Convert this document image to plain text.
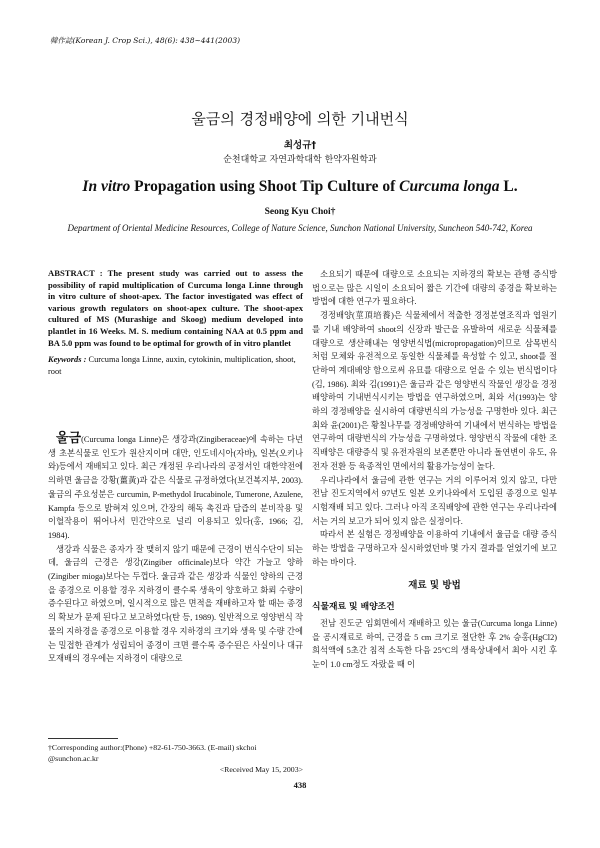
韓作誌(Korean J. Crop Sci.), 48(6): 438~441(2003)
울금의 경정배양에 의한 기내번식
최성규†
순천대학교 자연과학대학 한약자원학과
In vitro Propagation using Shoot Tip Culture of Curcuma longa L.
Seong Kyu Choi†
Department of Oriental Medicine Resources, College of Nature Science, Sunchon National University, Suncheon 540-742, Korea
ABSTRACT : The present study was carried out to assess the possibility of rapid multiplication of Curcuma longa Linne through in vitro culture of shoot-apex. The factor investigated was effect of various growth regulators on shoot-apex culture. The shoot-apex cultured of MS (Murashige and Skoog) medium developed into plantlet in 16 Weeks. M. S. medium containing NAA at 0.5 ppm and BA 5.0 ppm was found to be optimal for growth of in vitro plantlet
Keywords : Curcuma longa Linne, auxin, cytokinin, multiplication, shoot, root

울금(Curcuma longa Linne)은 생강과(Zingiberaceae)에 속하는 다년생 초본식물로 인도가 원산지이며 대만, 인도네시아(자바), 일본(오키나와)등에서 재배되고 있다. 최근 개정된 우리나라의 공정서인 대한약전에 의하면 울금을 강황(薑黃)과 같은 식물로 규정하였다(보건복지부, 2003). 울금의 주요성분은 curcumin, P-methydol Irucabinole, Tumerone, Azulene, Kampfa 등으로 밝혀져 있으며, 간장의 해독 촉진과 담즙의 분비작용 및 이혈작용이 뛰어나서 민간약으로 널리 이용되고 있다(홍, 1966; 김, 1984).

생강과 식물은 종자가 잘 맺히지 않기 때문에 근경이 번식수단이 되는데, 울금의 근경은 생강(Zingiber officinale)보다 약간 가늘고 양하(Zingiber mioga)보다는 두껍다. 울금과 같은 생강과 식물인 양하의 근경을 종경으로 이용할 경우 지하경이 클수록 생육이 양호하고 화뢰 수량이 증수된다고 하였으며, 일시적으로 많은 면적을 재배하고자 할 때는 종경의 확보가 문제 된다고 보고하였다(탄 등, 1989). 일반적으로 영양번식 작물의 지하경을 종경으로 이용할 경우 지하경의 크기와 생육 및 수량 간에는 밀접한 관계가 성립되어 종경이 크면 클수록 증수된은 사실이나 대규모재배의 경우에는 지하경이 대량으로

소요되기 때문에 대량으로 소요되는 지하경의 확보는 관행 증식방법으로는 많은 시일이 소요되어 짧은 기간에 대량의 종경을 확보하는 방법에 대한 연구가 필요하다.

경정배양(莖頂培養)은 식물체에서 적출한 경정분열조직과 엽원기를 기내 배양하여 shoot의 신장과 발근을 유발하여 새로운 식물체를 대량으로 생산해내는 영양번식법(micropropagation)이므로 삼목번식처럼 모체와 유전적으로 동일한 식물체를 육성할 수 있고, shoot를 절단하여 계대배양 함으로써 유묘를 대량으로 얻을 수 있는 번식법이다(김, 1986). 최와 김(1991)은 울금과 같은 영양번식 작물인 생강을 경정배양하여 기내번식시키는 방법을 연구하였으며, 최와 서(1993)는 양하의 경정배양을 실시하여 대량번식의 가능성을 구명한바 있다. 최근 최와 윤(2001)은 황칠나무를 경정배양하여 기내에서 번식하는 방법을 연구하여 대량번식의 가능성을 구명하였다. 영양번식 작물에 대한 조직배양은 대량증식 및 유전자원의 보존뿐만 아니라 돌연변이 유도, 유전자 전환 등 육종적인 면에서의 활용가능성이 높다.

우리나라에서 울금에 관한 연구는 거의 이루어져 있지 않고, 다만 전남 진도지역에서 97년도 일본 오키나와에서 도입된 종경으로 일부 시험재배 되고 있다. 그러나 아직 조직배양에 관한 연구는 우리나라에서는 거의 보고가 되어 있지 않은 실정이다.

따라서 본 실험은 경정배양을 이용하여 기내에서 울금을 대량 증식하는 방법을 구명하고자 실시하였던바 몇 가지 결과를 얻었기에 보고하는 바이다.

재료 및 방법
식물재료 및 배양조건

전남 진도군 임회면에서 재배하고 있는 울금(Curcuma longa Linne)을 공시재료로 하여, 근경을 5 cm 크기로 절단한 후 2% 승홍(HgCl2) 희석액에 5초간 침적 소독한 다음 25°C의 생육상내에서 최아 시킨 후 눈이 1.0 cm정도 자랐을 때 이

†Corresponding author:(Phone) +82-61-750-3663. (E-mail) skchoi @sunchon.ac.kr
<Received May 15, 2003>
438
